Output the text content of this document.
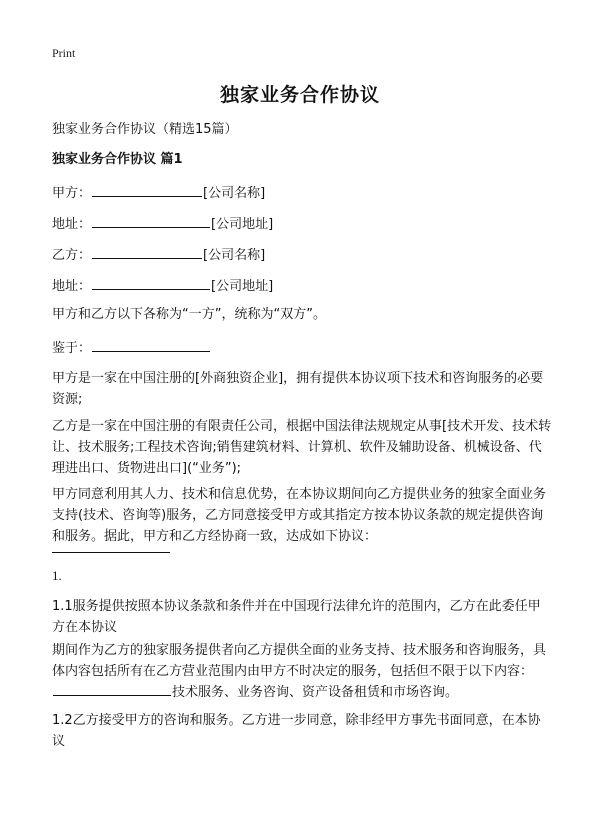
Print
独家业务合作协议
独家业务合作协议（精选15篇）
独家业务合作协议 篇1
甲方：	[公司名称]
地址：	[公司地址]
乙方：	[公司名称]
地址：	[公司地址]
甲方和乙方以下各称为“一方”，统称为“双方”。
鉴于：
甲方是一家在中国注册的[外商独资企业]，拥有提供本协议项下技术和咨询服务的必要资源;
乙方是一家在中国注册的有限责任公司，根据中国法律法规规定从事[技术开发、技术转让、技术服务;工程技术咨询;销售建筑材料、计算机、软件及辅助设备、机械设备、代理进出口、货物进出口](“业务”);
甲方同意利用其人力、技术和信息优势，在本协议期间向乙方提供业务的独家全面业务支持(技术、咨询等)服务，乙方同意接受甲方或其指定方按本协议条款的规定提供咨询和服务。据此，甲方和乙方经协商一致，达成如下协议：
1.
1.1服务提供按照本协议条款和条件并在中国现行法律允许的范围内，乙方在此委任甲方在本协议
期间作为乙方的独家服务提供者向乙方提供全面的业务支持、技术服务和咨询服务，具体内容包括所有在乙方营业范围内由甲方不时决定的服务，包括但不限于以下内容：技术服务、业务咨询、资产设备租赁和市场咨询。
1.2乙方接受甲方的咨询和服务。乙方进一步同意，除非经甲方事先书面同意，在本协议
